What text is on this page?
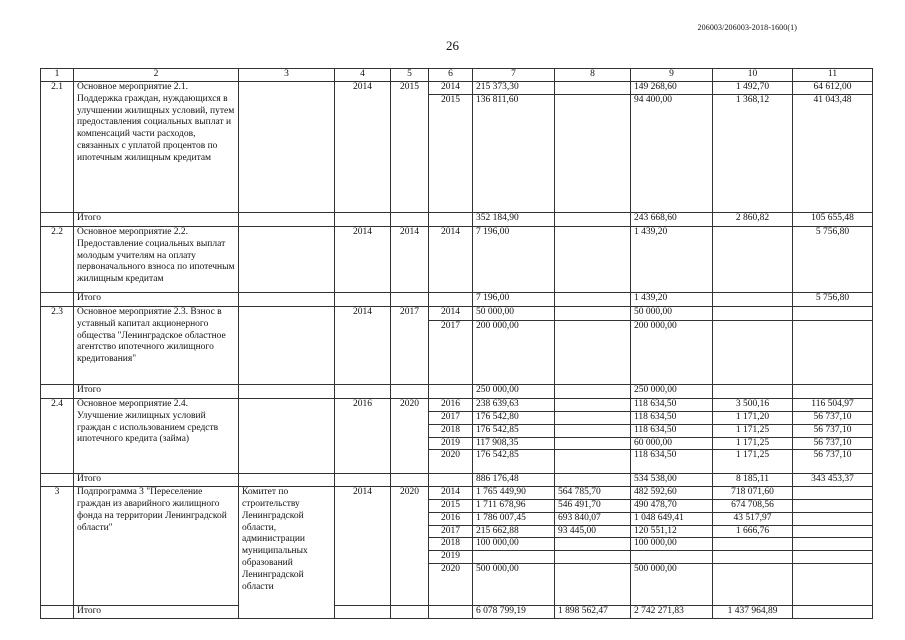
206003/206003-2018-1600(1)
26
1	2	3	4	5	6	7	8	9	10	11
2.1	Основное мероприятие 2.1. Поддержка граждан, нуждающихся в улучшении жилищных условий, путем предоставления социальных выплат и компенсаций части расходов, связанных с уплатой процентов по ипотечным жилищным кредитам		2014	2015	2014	215 373,30		149 268,60	1 492,70	64 612,00
					2015	136 811,60		94 400,00	1 368,12	41 043,48
	Итого					352 184,90		243 668,60	2 860,82	105 655,48
2.2	Основное мероприятие 2.2. Предоставление социальных выплат молодым учителям на оплату первоначального взноса по ипотечным жилищным кредитам		2014	2014	2014	7 196,00		1 439,20		5 756,80
	Итого					7 196,00		1 439,20		5 756,80
2.3	Основное мероприятие 2.3. Взнос в уставный капитал акционерного общества "Ленинградское областное агентство ипотечного жилищного кредитования"		2014	2017	2014	50 000,00		50 000,00		
					2017	200 000,00		200 000,00		
	Итого					250 000,00		250 000,00		
2.4	Основное мероприятие 2.4. Улучшение жилищных условий граждан с использованием средств ипотечного кредита (займа)		2016	2020	2016	238 639,63		118 634,50	3 500,16	116 504,97
					2017	176 542,80		118 634,50	1 171,20	56 737,10
					2018	176 542,85		118 634,50	1 171,25	56 737,10
					2019	117 908,35		60 000,00	1 171,25	56 737,10
					2020	176 542,85		118 634,50	1 171,25	56 737,10
	Итого					886 176,48		534 538,00	8 185,11	343 453,37
3	Подпрограмма 3 "Переселение граждан из аварийного жилищного фонда на территории Ленинградской области"	Комитет по строительству Ленинградской области, администрации муниципальных образований Ленинградской области	2014	2020	2014	1 765 449,90	564 785,70	482 592,60	718 071,60	
					2015	1 711 678,96	546 491,70	490 478,70	674 708,56	
					2016	1 786 007,45	693 840,07	1 048 649,41	43 517,97	
					2017	215 662,88	93 445,00	120 551,12	1 666,76	
					2018	100 000,00		100 000,00		
					2019					
					2020	500 000,00		500 000,00		
	Итого					6 078 799,19	1 898 562,47	2 742 271,83	1 437 964,89	
